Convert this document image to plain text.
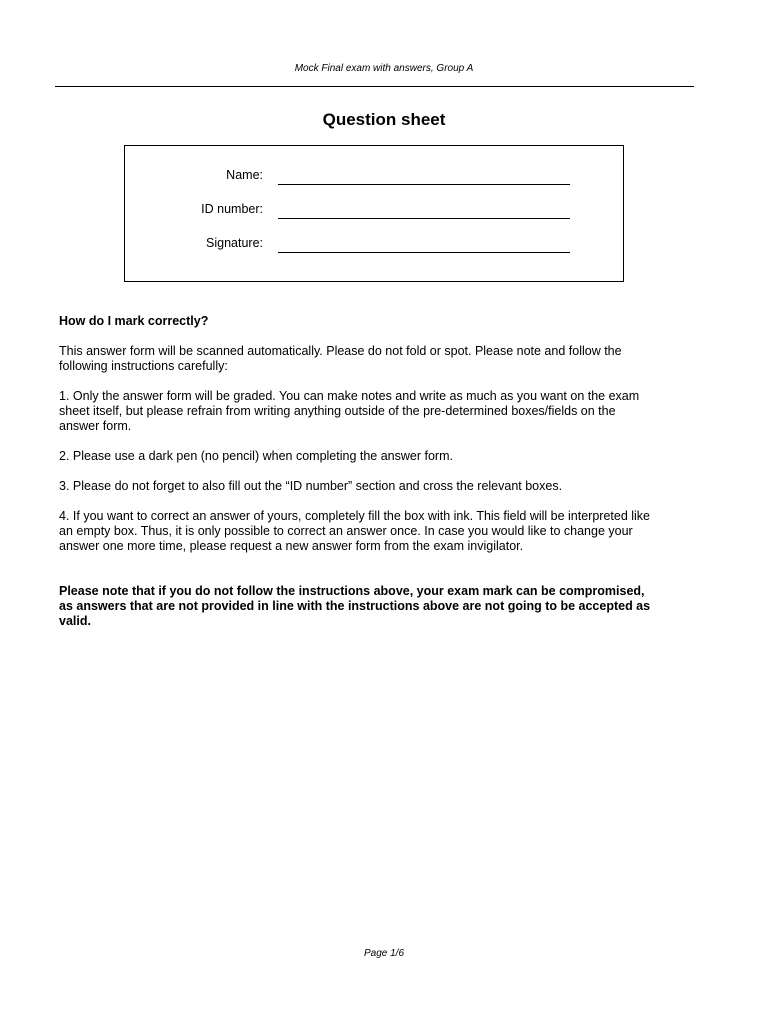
Mock Final exam with answers, Group A
Question sheet
Name:
ID number:
Signature:

How do I mark correctly?

This answer form will be scanned automatically. Please do not fold or spot. Please note and follow the following instructions carefully:

1. Only the answer form will be graded. You can make notes and write as much as you want on the exam sheet itself, but please refrain from writing anything outside of the pre-determined boxes/fields on the answer form.

2. Please use a dark pen (no pencil) when completing the answer form.

3. Please do not forget to also fill out the “ID number” section and cross the relevant boxes.

4. If you want to correct an answer of yours, completely fill the box with ink. This field will be interpreted like an empty box. Thus, it is only possible to correct an answer once. In case you would like to change your answer one more time, please request a new answer form from the exam invigilator.

Please note that if you do not follow the instructions above, your exam mark can be compromised, as answers that are not provided in line with the instructions above are not going to be accepted as valid.

Page 1/6
